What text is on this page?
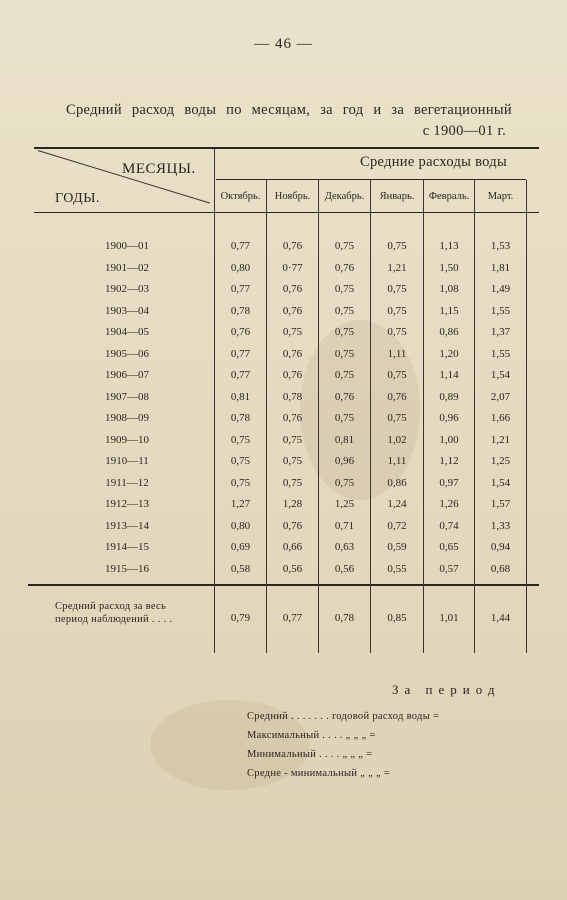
— 46 —
Средний расход воды по месяцам, за год и за вегетационный
с 1900—01 г.
МЕСЯЦЫ.
ГОДЫ.
Средние расходы воды
Октябрь.	Ноябрь.	Декабрь.	Январь.	Февраль.	Март.
1900—01	0,77	0,76	0,75	0,75	1,13	1,53
1901—02	0,80	0·77	0,76	1,21	1,50	1,81
1902—03	0,77	0,76	0,75	0,75	1,08	1,49
1903—04	0,78	0,76	0,75	0,75	1,15	1,55
1904—05	0,76	0,75	0,75	0,75	0,86	1,37
1905—06	0,77	0,76	0,75	1,11	1,20	1,55
1906—07	0,77	0,76	0,75	0,75	1,14	1,54
1907—08	0,81	0,78	0,76	0,76	0,89	2,07
1908—09	0,78	0,76	0,75	0,75	0,96	1,66
1909—10	0,75	0,75	0,81	1,02	1,00	1,21
1910—11	0,75	0,75	0,96	1,11	1,12	1,25
1911—12	0,75	0,75	0,75	0,86	0,97	1,54
1912—13	1,27	1,28	1,25	1,24	1,26	1,57
1913—14	0,80	0,76	0,71	0,72	0,74	1,33
1914—15	0,69	0,66	0,63	0,59	0,65	0,94
1915—16	0,58	0,56	0,56	0,55	0,57	0,68
Средний расход за весь
период наблюдений . . . .	0,79	0,77	0,78	0,85	1,01	1,44
За период
Средний . . . . . . . годовой расход воды =
Максимальный . . . . „ „ „ =
Минимальный . . . . „ „ „ =
Средне - минимальный „ „ „ =
